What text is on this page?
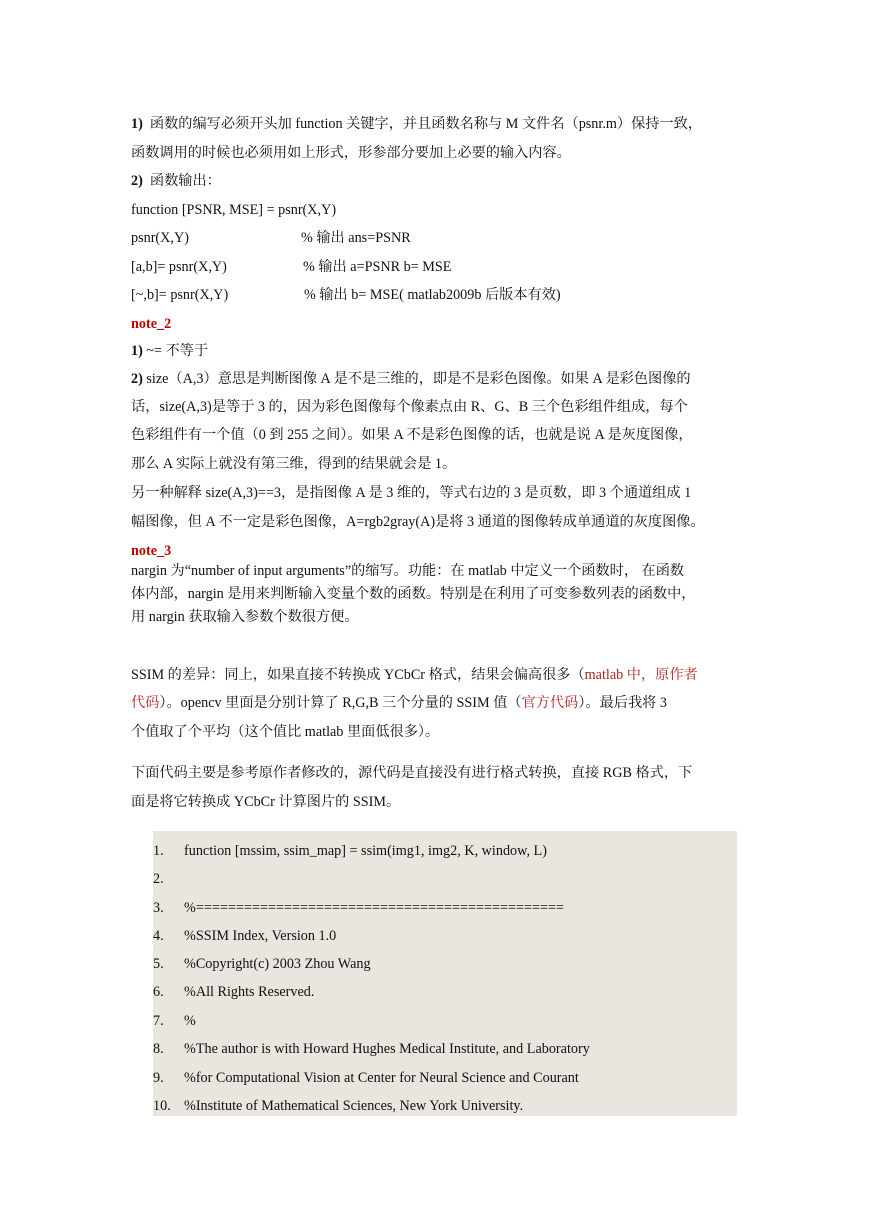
1) 函数的编写必须开头加 function 关键字，并且函数名称与 M 文件名（psnr.m）保持一致，
函数调用的时候也必须用如上形式，形参部分要加上必要的输入内容。
2) 函数输出：
function [PSNR, MSE] = psnr(X,Y)
psnr(X,Y)	% 输出 ans=PSNR
[a,b]= psnr(X,Y)	% 输出 a=PSNR b= MSE
[~,b]= psnr(X,Y)	% 输出 b= MSE( matlab2009b 后版本有效)
note_2
1) ~= 不等于
2) size（A,3）意思是判断图像 A 是不是三维的，即是不是彩色图像。如果 A 是彩色图像的
话，size(A,3)是等于 3 的，因为彩色图像每个像素点由 R、G、B 三个色彩组件组成，每个
色彩组件有一个值（0 到 255 之间）。如果 A 不是彩色图像的话，也就是说 A 是灰度图像，
那么 A 实际上就没有第三维，得到的结果就会是 1。
另一种解释 size(A,3)==3，是指图像 A 是 3 维的，等式右边的 3 是页数，即 3 个通道组成 1
幅图像，但 A 不一定是彩色图像，A=rgb2gray(A)是将 3 通道的图像转成单通道的灰度图像。
note_3
nargin 为“number of input arguments”的缩写。功能：在 matlab 中定义一个函数时， 在函数
体内部，nargin 是用来判断输入变量个数的函数。特别是在利用了可变参数列表的函数中，
用 nargin 获取输入参数个数很方便。
SSIM 的差异：同上，如果直接不转换成 YCbCr 格式，结果会偏高很多（matlab 中，原作者
代码）。opencv 里面是分别计算了 R,G,B 三个分量的 SSIM 值（官方代码）。最后我将 3
个值取了个平均（这个值比 matlab 里面低很多）。
下面代码主要是参考原作者修改的，源代码是直接没有进行格式转换，直接 RGB 格式，下
面是将它转换成 YCbCr 计算图片的 SSIM。
1.	function [mssim, ssim_map] = ssim(img1, img2, K, window, L)
2.
3.	%==============================================
4.	%SSIM Index, Version 1.0
5.	%Copyright(c) 2003 Zhou Wang
6.	%All Rights Reserved.
7.	%
8.	%The author is with Howard Hughes Medical Institute, and Laboratory
9.	%for Computational Vision at Center for Neural Science and Courant
10. %Institute of Mathematical Sciences, New York University.
